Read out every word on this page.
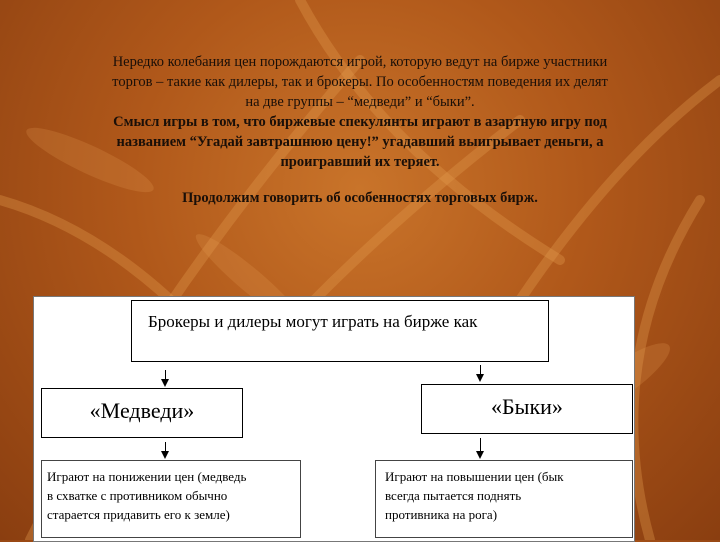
Нередко колебания цен порождаются игрой, которую ведут на бирже участники

торгов – такие как дилеры, так и брокеры. По особенностям поведения их делят

на две группы – “медведи” и “быки”.

Смысл игры в том, что биржевые спекулянты играют в азартную игру под

названием “Угадай завтрашнюю цену!” угадавший выигрывает деньги, а

проигравший их теряет.

Продолжим говорить об особенностях торговых бирж.

Брокеры и дилеры могут играть на бирже как
«Медведи»	«Быки»
Играют на понижении цен (медведь
в схватке с противником обычно
старается придавить его к земле)
Играют на повышении цен (бык
всегда пытается поднять
противника на рога)
